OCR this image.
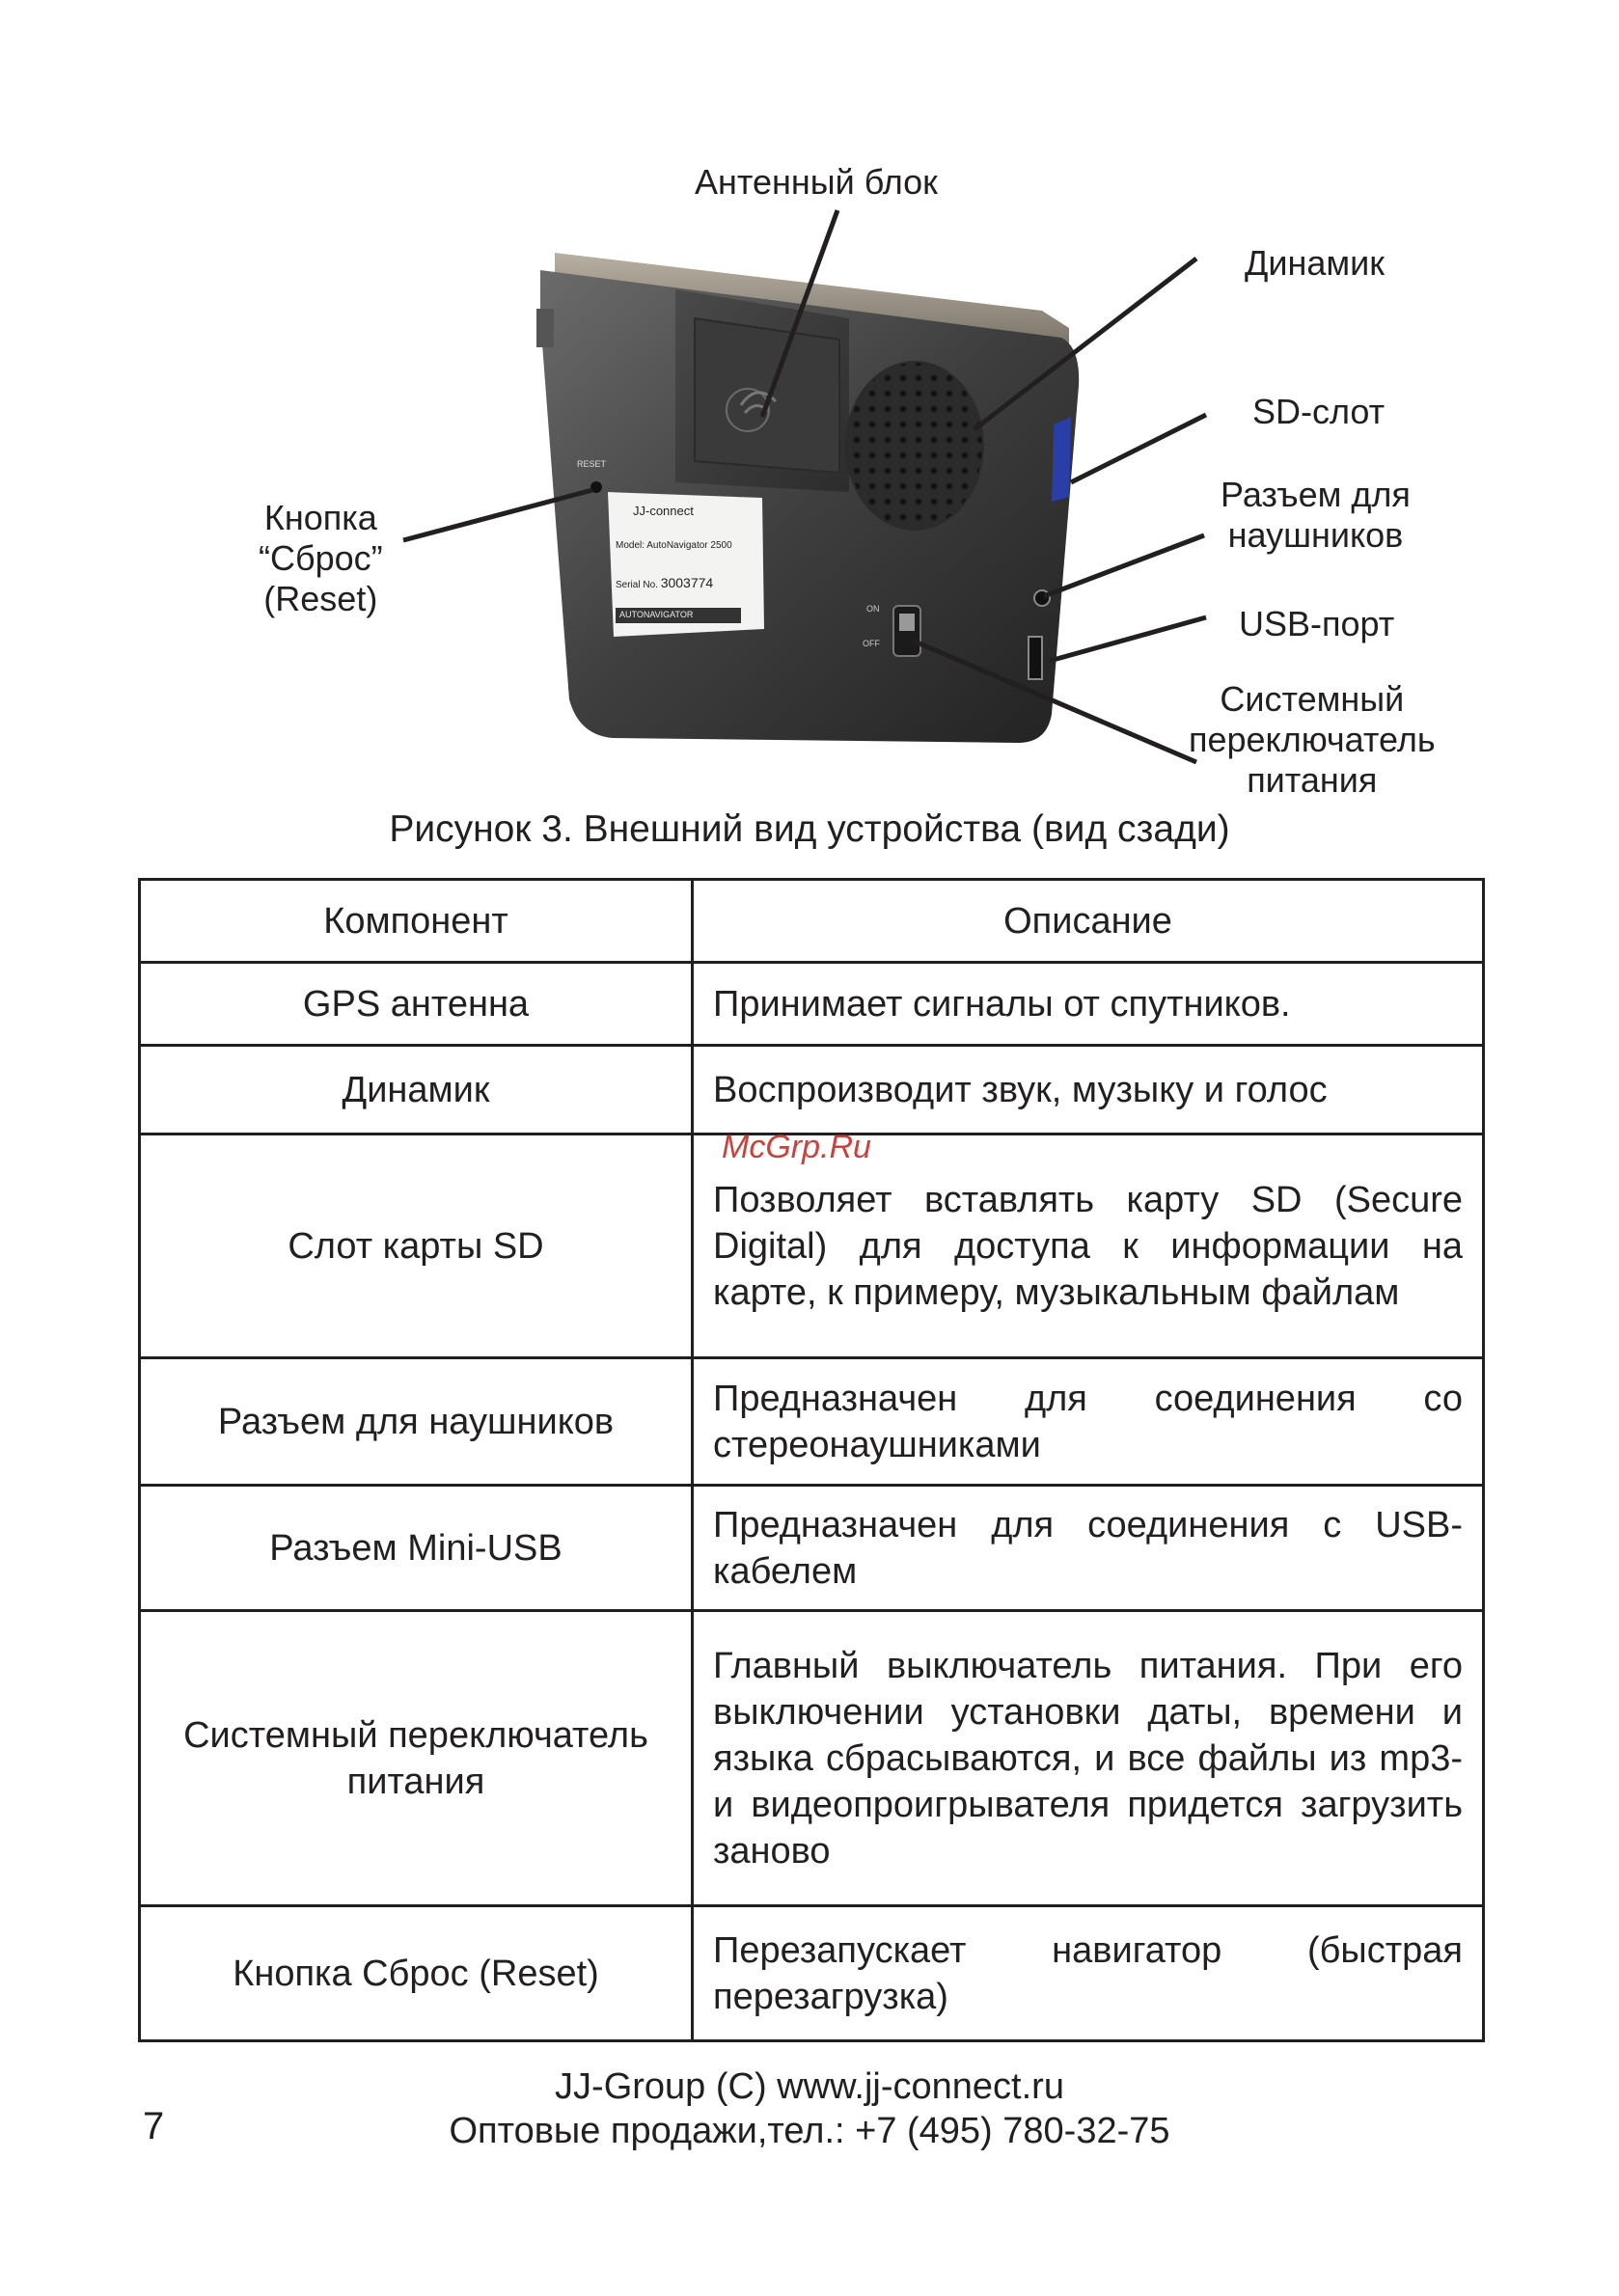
RESET
JJ-connect
Model: AutoNavigator 2500
Serial No. 3003774
AUTONAVIGATOR
ON
OFF
Антенный блок
Динамик
SD-слот
Разъем для
наушников
USB-порт
Системный
переключатель
питания
Кнопка
“Сброс”
(Reset)
Рисунок 3. Внешний вид устройства (вид сзади)
Компонент	Описание
GPS антенна	Принимает сигналы от спутников.
Динамик	Воспроизводит звук, музыку и голос
Слот карты SD	Позволяет вставлять карту SD (Secure Digital) для доступа к информации на карте, к примеру, музыкальным файлам
Разъем для наушников	Предназначен для соединения со стереонаушниками
Разъем Mini-USB	Предназначен для соединения с USB-кабелем
Системный переключатель питания	Главный выключатель питания. При его выключении установки даты, времени и языка сбрасываются, и все файлы из mp3- и видеопроигрывателя придется загрузить заново
Кнопка Сброс (Reset)	Перезапускает навигатор (быстрая перезагрузка)
McGrp.Ru
JJ-Group (C) www.jj-connect.ru
Оптовые продажи,тел.: +7 (495) 780-32-75
7
